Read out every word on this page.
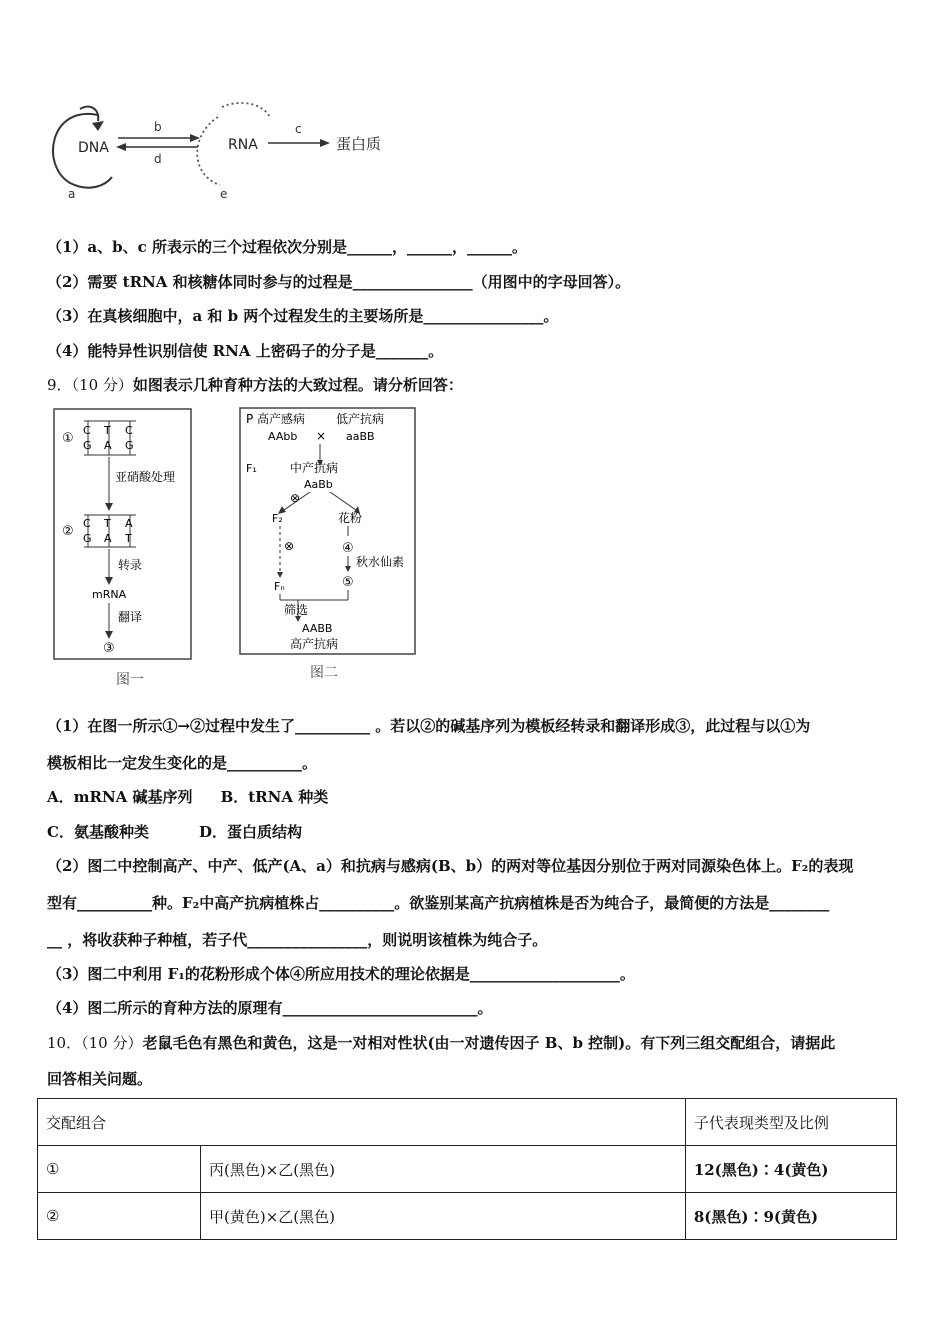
DNA
a
b
d
RNA
e
c
蛋白质
（1）a、b、c 所表示的三个过程依次分别是______，______，______。
（2）需要 tRNA 和核糖体同时参与的过程是________________（用图中的字母回答）。
（3）在真核细胞中，a 和 b 两个过程发生的主要场所是________________。
（4）能特异性识别信使 RNA 上密码子的分子是_______。
9．（10 分）如图表示几种育种方法的大致过程。请分析回答：
①
C T C
G A G
亚硝酸处理
②
C T A
G A T
转录
mRNA
翻译
③
图一
P 高产感病	低产抗病
AAbb × aaBB
F₁	中产抗病
AaBb
⊗
F₂	花粉
⊗
Fₙ
④
秋水仙素
⑤
筛选
AABB
高产抗病
图二
（1）在图一所示①→②过程中发生了__________ 。若以②的碱基序列为模板经转录和翻译形成③，此过程与以①为
模板相比一定发生变化的是__________。
A．mRNA 碱基序列 B．tRNA 种类
C．氨基酸种类	D．蛋白质结构
（2）图二中控制高产、中产、低产(A、a）和抗病与感病(B、b）的两对等位基因分别位于两对同源染色体上。F₂的表现
型有__________种。F₂中高产抗病植株占__________。欲鉴别某高产抗病植株是否为纯合子，最简便的方法是________
__ ，将收获种子种植，若子代________________，则说明该植株为纯合子。
（3）图二中利用 F₁的花粉形成个体④所应用技术的理论依据是____________________。
（4）图二所示的育种方法的原理有__________________________。
10．（10 分）老鼠毛色有黑色和黄色，这是一对相对性状(由一对遗传因子 B、b 控制)。有下列三组交配组合，请据此
回答相关问题。
交配组合		子代表现类型及比例
①	丙(黑色)×乙(黑色)	12(黑色)∶4(黄色)
②	甲(黄色)×乙(黑色)	8(黑色)∶9(黄色)
